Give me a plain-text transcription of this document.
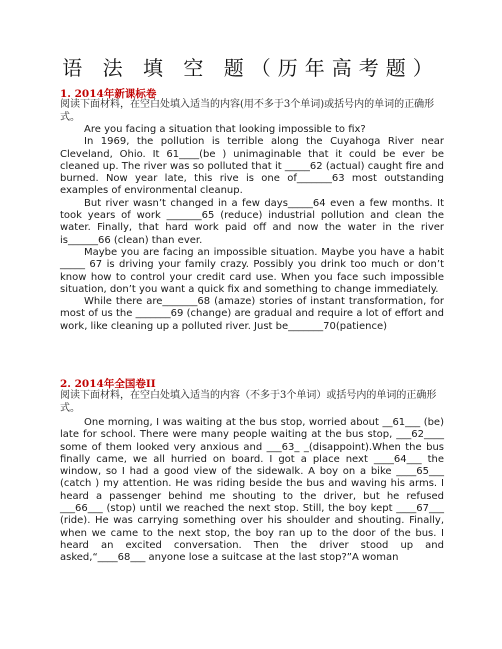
语 法 填 空 题（历年高考题）
1. 2014年新课标卷
阅读下面材料，在空白处填入适当的内容(用不多于3个单词)或括号内的单词的正确形式。

Are you facing a situation that looking impossible to fix?

In 1969, the pollution is terrible along the Cuyahoga River near Cleveland, Ohio. It 61____(be ) unimaginable that it could be ever be cleaned up. The river was so polluted that it _____62 (actual) caught fire and burned. Now year late, this rive is one of_______63 most outstanding examples of environmental cleanup.

But river wasn’t changed in a few days_____64 even a few months. It took years of work _______65 (reduce) industrial pollution and clean the water. Finally, that hard work paid off and now the water in the river is______66 (clean) than ever.

Maybe you are facing an impossible situation. Maybe you have a habit _____ 67 is driving your family crazy. Possibly you drink too much or don’t know how to control your credit card use. When you face such impossible situation, don’t you want a quick fix and something to change immediately.

While there are_______68 (amaze) stories of instant transformation, for most of us the _______69 (change) are gradual and require a lot of effort and work, like cleaning up a polluted river. Just be_______70(patience)

2. 2014年全国卷II
阅读下面材料，在空白处填入适当的内容（不多于3个单词）或括号内的单词的正确形式。

One morning, I was waiting at the bus stop, worried about __61___ (be) late for school. There were many people waiting at the bus stop, ___62____ some of them looked very anxious and ___63_ _(disappoint).When the bus finally came, we all hurried on board. I got a place next ____64___ the window, so I had a good view of the sidewalk. A boy on a bike ____65___ (catch ) my attention. He was riding beside the bus and waving his arms. I heard a passenger behind me shouting to the driver, but he refused ___66___ (stop) until we reached the next stop. Still, the boy kept ____67___ (ride). He was carrying something over his shoulder and shouting. Finally, when we came to the next stop, the boy ran up to the door of the bus. I heard an excited conversation. Then the driver stood up and asked,“____68___ anyone lose a suitcase at the last stop?”A woman
